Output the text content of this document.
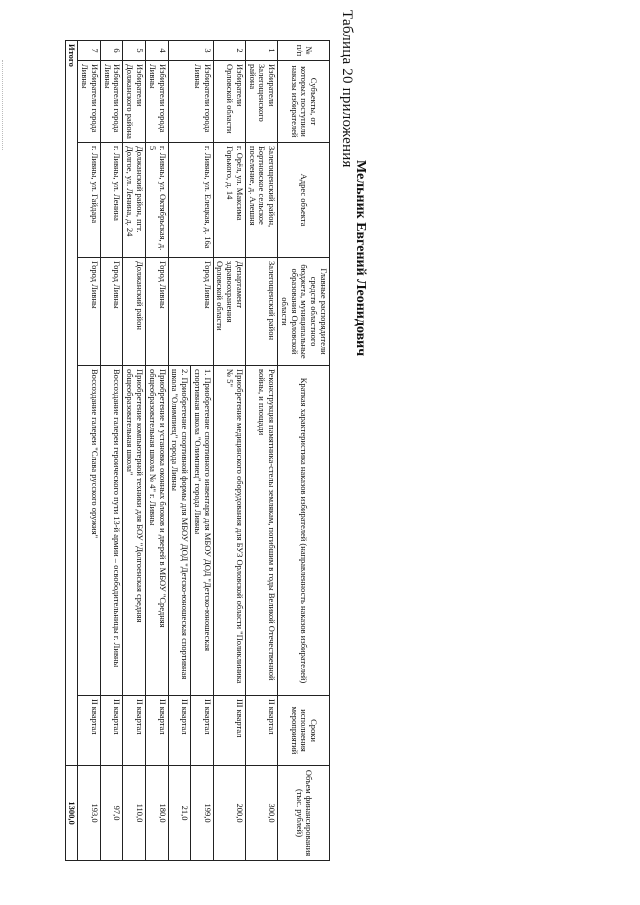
Таблица 20 приложения
№ п/п	Субъекты, от которых поступили наказы избирателей	Адрес объекта	Главные распорядители средств областного бюджета, муниципальные образования Орловской области	Краткая характеристика наказов избирателей (направленность наказов избирателей)	Сроки исполнения мероприятий	Объем финансирования (тыс. рублей)
1	Избиратели Залегощенского района	Залегощенский район, Бортновское сельское поселение, д. Алешня	Залегощенский район	Реконструкция памятника-стелы землякам, погибшим в годы Великой Отечественной войны, и площади	II квартал	300,0
2	Избиратели Орловской области	г. Орёл, ул. Максима Горького, д. 14	Департамент здравоохранения Орловской области	Приобретение медицинского оборудования для БУЗ Орловской области "Поликлиника № 5"	III квартал	200,0
3	Избиратели города Ливны	г. Ливны, ул. Елецкая, д. 16а	Город Ливны	1. Приобретение спортивного инвентаря для МБОУ ДОД "Детско-юношеская спортивная школа "Олимпиец" города Ливны	II квартал	199,0
				2. Приобретение спортивной формы для МБОУ ДОД "Детско-юношеская спортивная школа "Олимпиец" города Ливны	II квартал	21,0
4	Избиратели города Ливны	г. Ливны, ул. Октябрьская, д. 5	Город Ливны	Приобретение и установка оконных блоков и дверей в МБОУ "Средняя общеобразовательная школа № 4" г. Ливны	II квартал	180,0
5	Избиратели Должанского района	Должанский район, пгт. Долгое, ул. Ленина, д. 24	Должанский район	Приобретение компьютерной техники для БОУ "Долгоенская средняя общеобразовательная школа"	II квартал	110,0
6	Избиратели города Ливны	г. Ливны, ул. Ленина	Город Ливны	Воссоздание галереи героического пути 13-й армии – освободительницы г. Ливны	II квартал	97,0
7	Избиратели города Ливны	г. Ливны, ул. Гайдара	Город Ливны	Воссоздание галереи "Слава русского оружия"	II квартал	193,0
Итого						1300,0
Мельник Евгений Леонидович
